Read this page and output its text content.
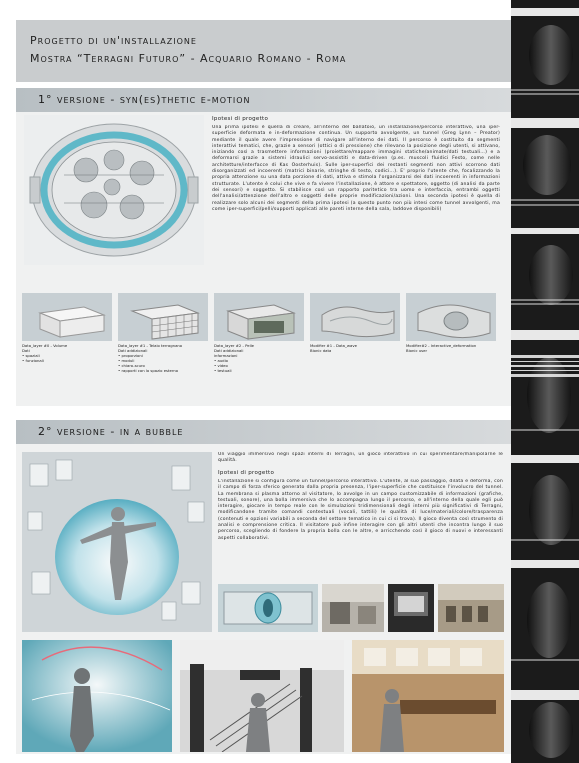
Progetto di un'installazione
Mostra “Terragni Futuro” - Acquario Romano - Roma
1° versione - syn(es)thetic e-motion
Ipotesi di progetto
Una prima ipotesi è quella di creare, all'interno del ballatoio, un installazione/percorso interattivo, una iper-superficie deformata e in-deformazione continua. Un supporto avvolgente, un tunnel (Greg Lynn – Preator) mediante il quale avere l'impressione di navigare all'interno dei dati. Il percorso è costituito da segmenti interattivi tematici, che, grazie a sensori (ottici o di pressione) che rilevano la posizione degli utenti, si attivano, iniziando così a trasmettere informazioni (proiettare/mappare immagini statiche/animate/dati testuali…) e a deformarsi grazie a sistemi idraulici servo-assistiti e data-driven (p.es. muscoli fluidici Festo, come nelle architetture/interfacce di Kas Oosterhuis). Sulle iper-superfici dei restanti segmenti non attivi scorrono dati disorganizzati ed incoerenti (matrici binarie, stringhe di testo, codici…). E' proprio l'utente che, focalizzando la propria attenzione su una data porzione di dati, attiva e stimola l'organizzarsi dei dati incoerenti in informazioni strutturate. L'utente è colui che vive e fa vivere l'installazione, è attore e spettatore, oggetto (di analisi da parte dei sensori) e soggetto. Si stabilisce così un rapporto paritetico tra uomo e interfaccia, entrambi oggetti dell'analisi/attenzione dell'altro e soggetti delle proprie modificazioni/azioni. Una seconda ipotesi è quella di realizzare solo alcuni dei segmenti della prima ipotesi (a questo punto non più intesi come tunnel avvolgenti, ma come iper-superfici/pelli/supporti applicati alle pareti interne della sala, laddove disponibili)
Data_layer #0 - Volume
Dati
• spaziali
• funzionali
Data_layer #1 - Telaio terragnano
Dati addizionali
• proporzioni
• moduli
• chiaro-scuro
• rapporti con lo spazio esterno
Data_layer #2 - Pelle
Dati addizionali
informazioni
• audio
• video
• testuali
Modifier #1 - Data_wave
Bionic data
Modifier#2 - Interactive_deformation
Bionic user
2° versione - in a bubble
Un viaggio immersivo negli spazi interni di Terragni, un gioco interattivo in cui sperimentare/manipolarne le qualità.
Ipotesi di progetto
L'installazione si configura come un tunnel/percorso interattivo. L'utente, al suo passaggio, dilata e deforma, con il campo di forza sferico generato dalla propria presenza, l'iper-superficie che costituisce l'involucro del tunnel. La membrana si plasma attorno al visitatore, lo avvolge in un campo customizzabile di informazioni (grafiche, testuali, sonore), una bolla immersiva che lo accompagna lungo il percorso, e all'interno della quale egli può interagire, giocare in tempo reale con le simulazioni tridimensionali degli interni più significativi di Terragni, modificandone tramite comandi contestuali (vocali, tattili) le qualità di luce/materiali/colore/trasparenza (contenuti e opzioni variabili a seconda del settore tematico in cui ci si trova). Il gioco diventa così strumento di analisi e comprensione critica. Il visitatore può infine interagire con gli altri utenti che incontra lungo il suo percorso, scegliendo di fondere la propria bolla con le altre, e arricchendo così il gioco di nuovi e interessanti aspetti collaborativi.
